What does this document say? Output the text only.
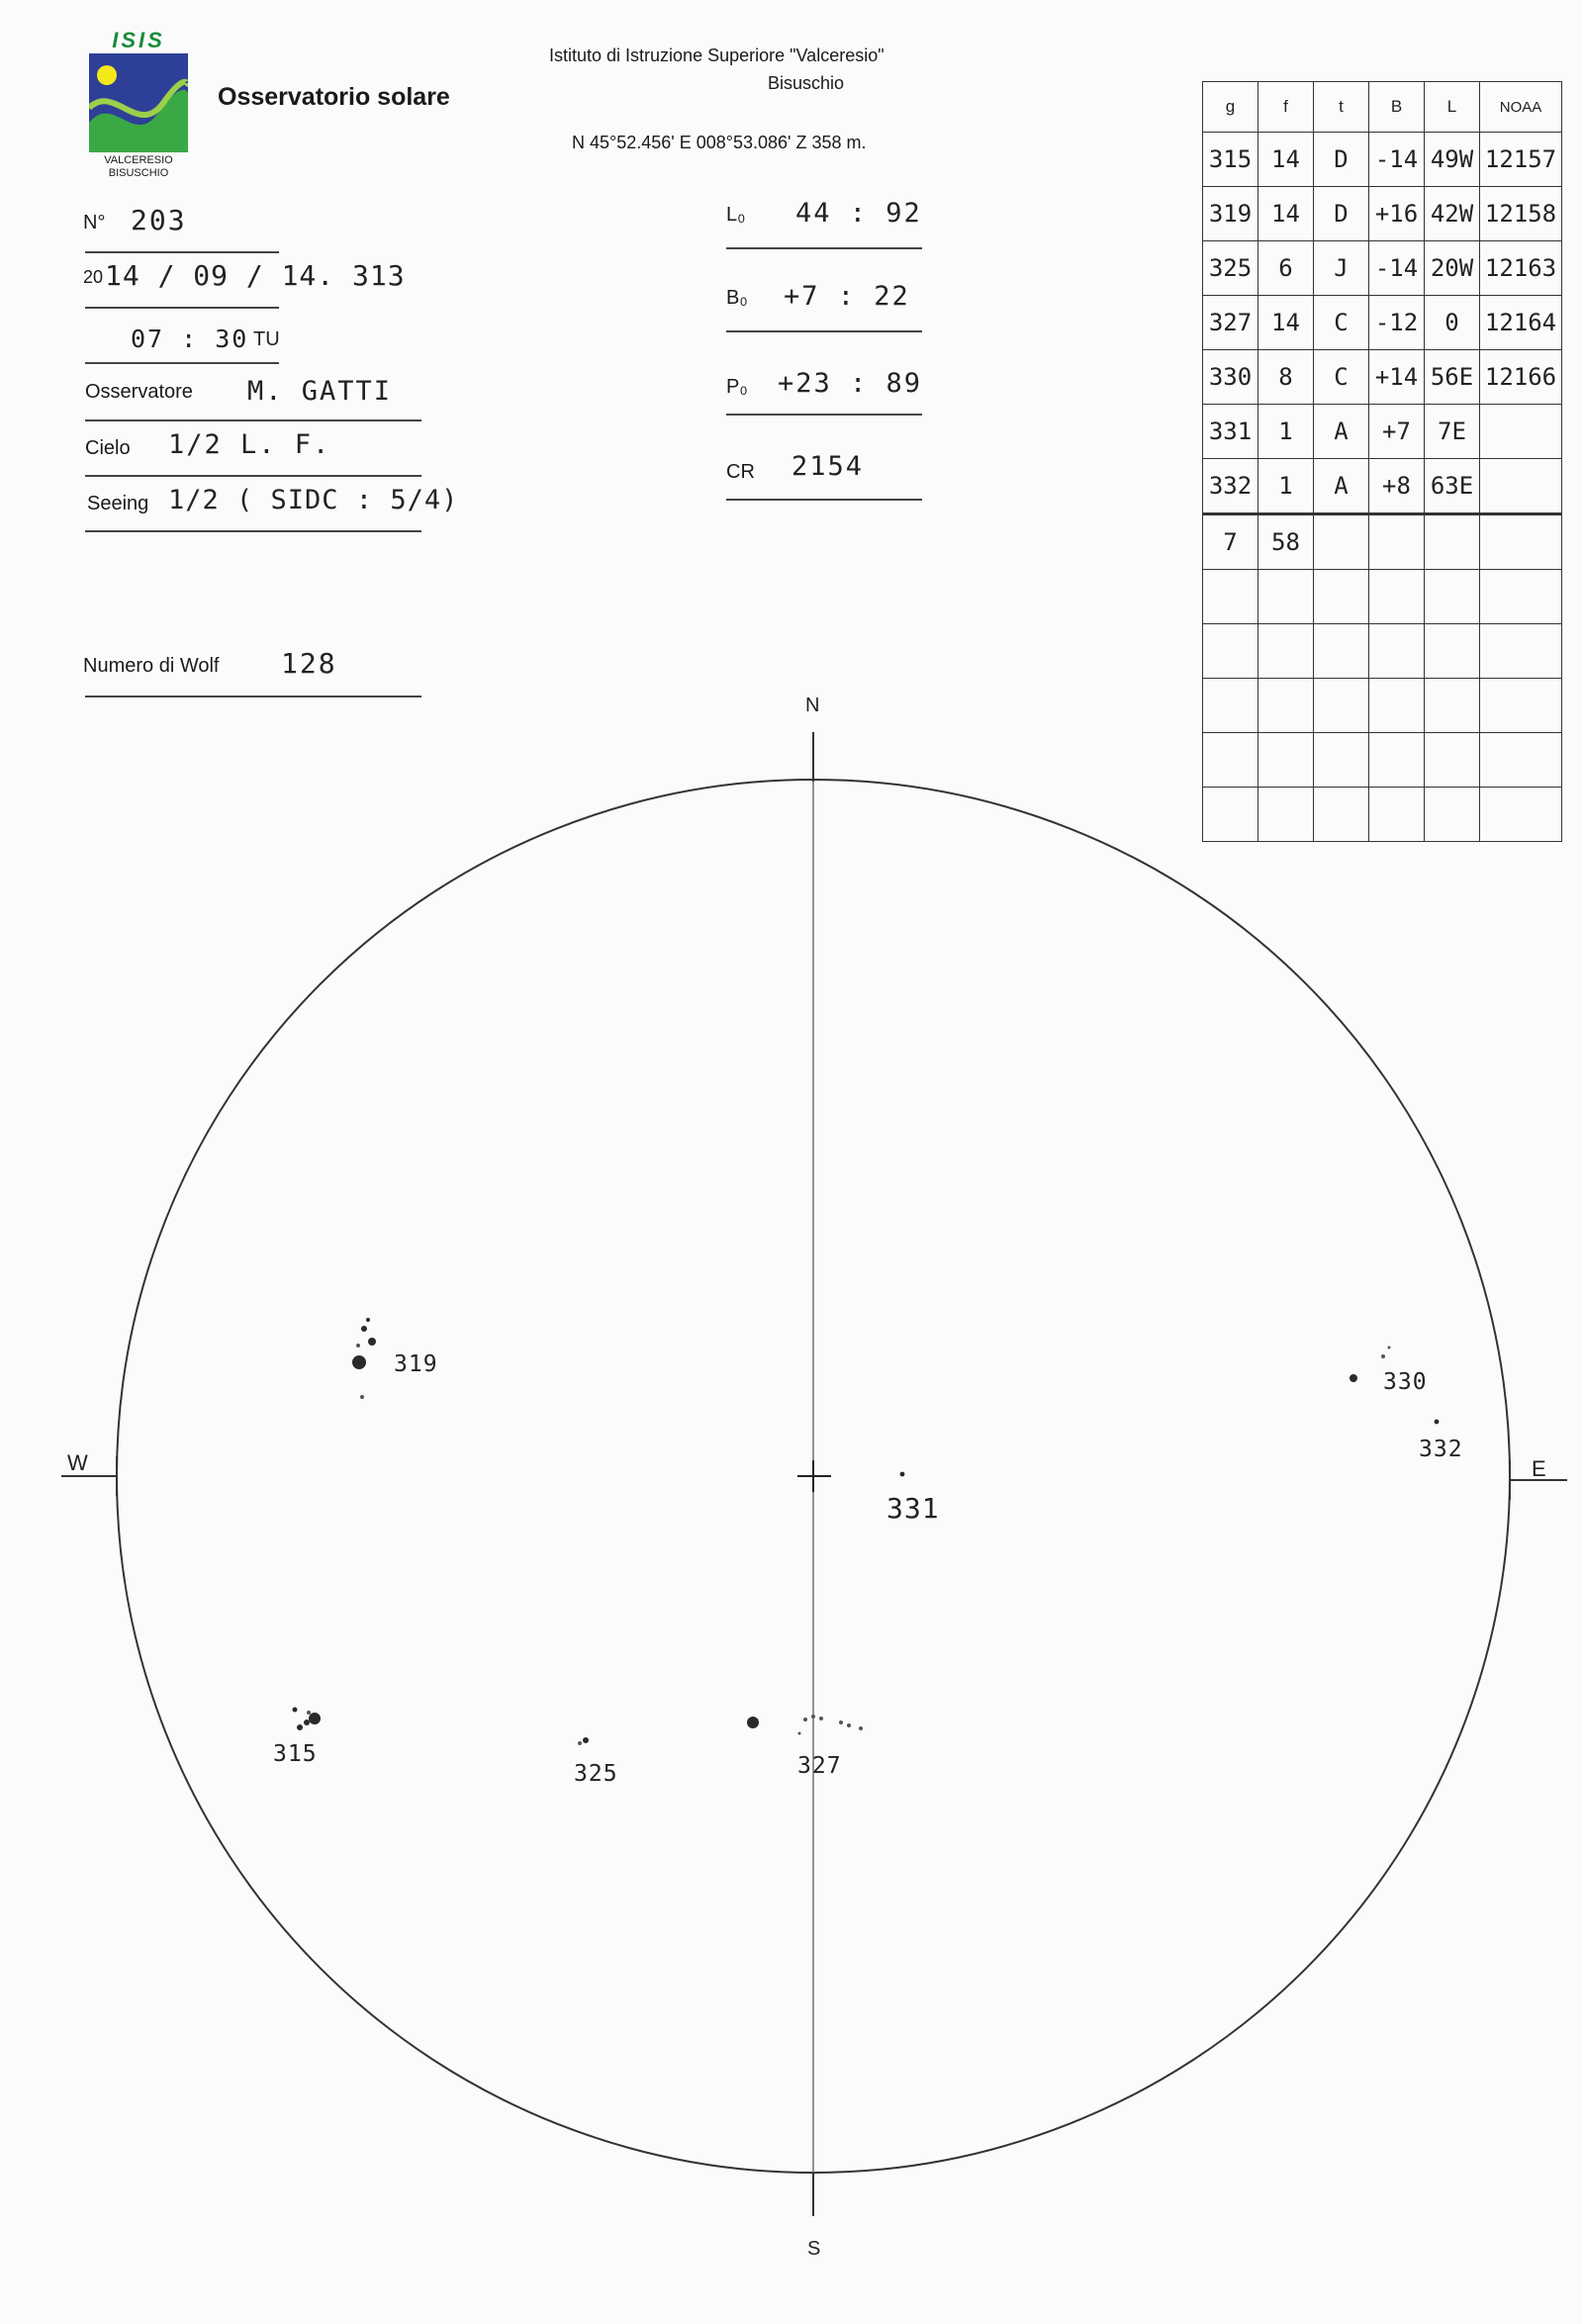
ISIS
VALCERESIO
BISUSCHIO
Osservatorio solare
Istituto di Istruzione Superiore "Valceresio"
Bisuschio
N 45°52.456' E 008°53.086' Z 358 m.
N° 203
20 14 / 09 / 14. 313
07 : 30 TU
Osservatore M. GATTI
Cielo 1/2 L. F.
Seeing 1/2 ( SIDC : 5/4)
Numero di Wolf 128
L₀ 44 : 92
B₀ +7 : 22
P₀ +23 : 89
CR 2154
g	f	t	B	L	NOAA
315	14	D	-14	49W	12157
319	14	D	+16	42W	12158
325	6	J	-14	20W	12163
327	14	C	-12	0	12164
330	8	C	+14	56E	12166
331	1	A	+7	7E	
332	1	A	+8	63E	
7	58				

N
S
W	E
319
330
332
331
315
325	327
